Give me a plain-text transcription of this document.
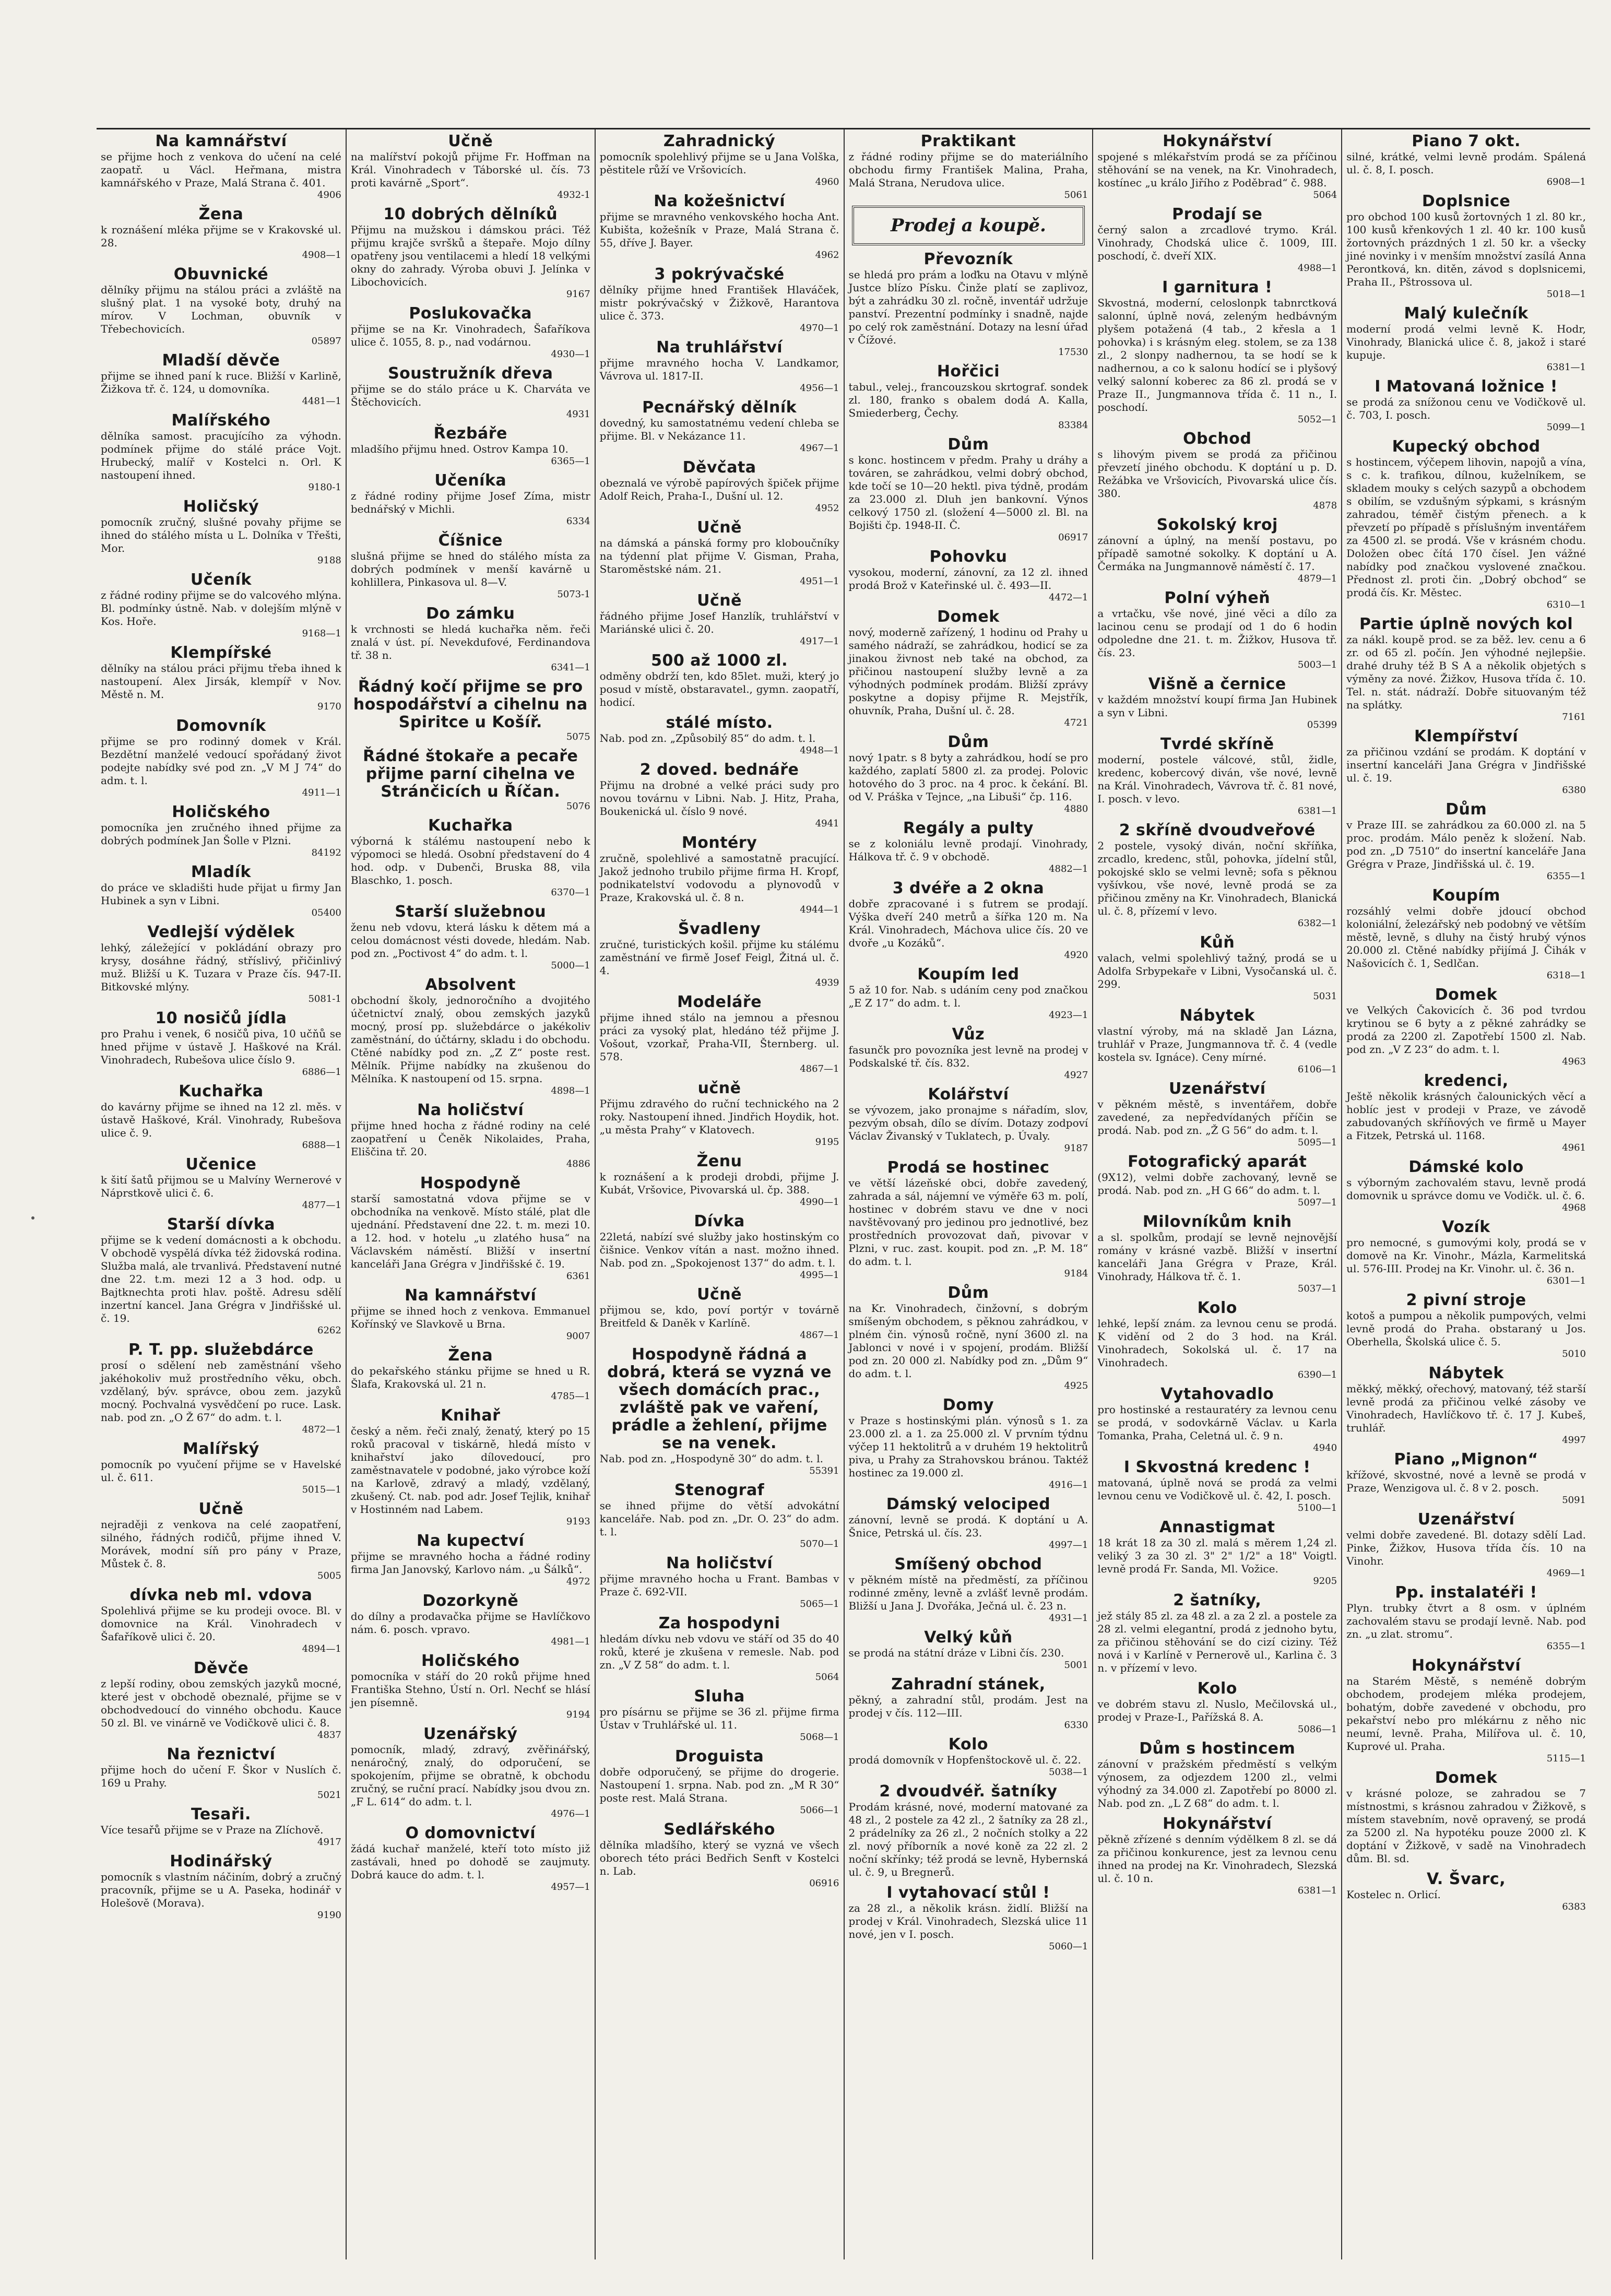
Na kamnářství
se přijme hoch z venkova do učení na celé zaopatř. u Václ. Heřmana, mistra kamnářského v Praze, Malá Strana č. 401.
4906
Žena
k roznášení mléka přijme se v Krakovské ul. 28.
4908—1
Obuvnické
dělníky přijmu na stálou práci a zvláště na slušný plat. 1 na vysoké boty, druhý na mírov. V Lochman, obuvník v Třebechovicích.
05897
Mladší děvče
přijme se ihned paní k ruce. Bližší v Karlině, Žižkova tř. č. 124, u domovníka.
4481—1
Malířského
dělníka samost. pracujícího za výhodn. podmínek přijme do stálé práce Vojt. Hrubecký, malíř v Kostelci n. Orl. K nastoupení ihned.
9180-1
Holičský
pomocník zručný, slušné povahy přijme se ihned do stálého místa u L. Dolníka v Třešti, Mor.
9188
Učeník
z řádné rodiny přijme se do valcového mlýna. Bl. podmínky ústně. Nab. v dolejším mlýně v Kos. Hoře.
9168—1
Klempířské
dělníky na stálou práci přijmu třeba ihned k nastoupení. Alex Jirsák, klempíř v Nov. Městě n. M.
9170
Domovník
přijme se pro rodinný domek v Král. Bezdětní manželé vedoucí spořádaný život podejte nabídky své pod zn. „V M J 74“ do adm. t. l.
4911—1
Holičského
pomocníka jen zručného ihned přijme za dobrých podmínek Jan Šolle v Plzni.
84192
Mladík
do práce ve skladišti hude přijat u firmy Jan Hubinek a syn v Libni.
05400
Vedlejší výdělek
lehký, záležející v pokládání obrazy pro krysy, dosáhne řádný, stříslivý, přičinlivý muž. Bližší u K. Tuzara v Praze čís. 947-II. Bitkovské mlýny.
5081-1
10 nosičů jídla
pro Prahu i venek, 6 nosičů piva, 10 učňů se hned přijme v ústavě J. Haškové na Král. Vinohradech, Rubešova ulice číslo 9.
6886—1
Kuchařka
do kavárny přijme se ihned na 12 zl. měs. v ústavě Haškové, Král. Vinohrady, Rubešova ulice č. 9.
6888—1
Učenice
k šití šatů přijmou se u Malvíny Wernerové v Náprstkově ulici č. 6.
4877—1
Starší dívka
přijme se k vedení domácnosti a k obchodu. V obchodě vyspělá dívka též židovská rodina. Služba malá, ale trvanlivá. Představení nutné dne 22. t.m. mezi 12 a 3 hod. odp. u Bajtknechta proti hlav. poště. Adresu sdělí inzertní kancel. Jana Grégra v Jindřišské ul. č. 19.
6262
P. T. pp. služebdárce
prosí o sdělení neb zaměstnání všeho jakéhokoliv muž prostředního věku, obch. vzdělaný, býv. správce, obou zem. jazyků mocný. Pochvalná vysvědčení po ruce. Lask. nab. pod zn. „O Ž 67“ do adm. t. l.
4872—1
Malířský
pomocník po vyučení přijme se v Havelské ul. č. 611.
5015—1
Učně
nejraději z venkova na celé zaopatření, silného, řádných rodičů, přijme ihned V. Morávek, modní síň pro pány v Praze, Můstek č. 8.
5005
dívka neb ml. vdova
Spolehlivá přijme se ku prodeji ovoce. Bl. v domovnice na Král. Vinohradech v Šafaříkově ulici č. 20.
4894—1
Děvče
z lepší rodiny, obou zemských jazyků mocné, které jest v obchodě obeznalé, přijme se v obchodvedoucí do vinného obchodu. Kauce 50 zl. Bl. ve vinárně ve Vodičkově ulici č. 8.
4837
Na řeznictví
přijme hoch do učení F. Škor v Nuslích č. 169 u Prahy.
5021
Tesaři.
Více tesařů přijme se v Praze na Zlíchově.
4917
Hodinářský
pomocník s vlastním náčiním, dobrý a zručný pracovník, přijme se u A. Paseka, hodinář v Holešově (Morava).
9190
Učně
na malířství pokojů přijme Fr. Hoffman na Král. Vinohradech v Táborské ul. čís. 73 proti kavárně „Sport“.
4932-1
10 dobrých dělníků
Přijmu na mužskou i dámskou práci. Též přijmu krajče svršků a štepaře. Mojo dílny opatřeny jsou ventilacemi a hledí 18 velkými okny do zahrady. Výroba obuvi J. Jelínka v Libochovicích.
9167
Poslukovačka
přijme se na Kr. Vinohradech, Šafaříkova ulice č. 1055, 8. p., nad vodárnou.
4930—1
Soustružník dřeva
přijme se do stálo práce u K. Charváta ve Štěchovicích.
4931
Řezbáře
mladšího přijmu hned. Ostrov Kampa 10.
6365—1
Učeníka
z řádné rodiny přijme Josef Zíma, mistr bednářský v Michli.
6334
Číšnice
slušná přijme se hned do stálého místa za dobrých podmínek v menší kavárně u kohlillera, Pinkasova ul. 8—V.
5073-1
Do zámku
k vrchnosti se hledá kuchařka něm. řeči znalá v úst. pí. Nevekdufové, Ferdinandova tř. 38 n.
6341—1
Řádný kočí přijme se pro hospodářství a cihelnu na Spiritce u Košíř.
5075
Řádné štokaře a pecaře přijme parní cihelna ve Stránčicích u Říčan.
5076
Kuchařka
výborná k stálému nastoupení nebo k výpomoci se hledá. Osobní představení do 4 hod. odp. v Dubenči, Bruska 88, vila Blaschko, 1. posch.
6370—1
Starší služebnou
ženu neb vdovu, která lásku k dětem má a celou domácnost vésti dovede, hledám. Nab. pod zn. „Poctivost 4“ do adm. t. l.
5000—1
Absolvent
obchodní školy, jednoročního a dvojitého účetnictví znalý, obou zemských jazyků mocný, prosí pp. služebdárce o jakékoliv zaměstnání, do účtárny, skladu i do obchodu. Ctěné nabídky pod zn. „Z Z“ poste rest. Mělník. Přijme nabídky na zkušenou do Mělníka. K nastoupení od 15. srpna.
4898—1
Na holičství
přijme hned hocha z řádné rodiny na celé zaopatření u Čeněk Nikolaides, Praha, Eliščina tř. 20.
4886
Hospodyně
starší samostatná vdova přijme se v obchodníka na venkově. Místo stálé, plat dle ujednání. Představení dne 22. t. m. mezi 10. a 12. hod. v hotelu „u zlatého husa“ na Václavském náměstí. Bližší v insertní kanceláři Jana Grégra v Jindřišské č. 19.
6361
Na kamnářství
přijme se ihned hoch z venkova. Emmanuel Kořínský ve Slavkově u Brna.
9007
Žena
do pekařského stánku přijme se hned u R. Šlafa, Krakovská ul. 21 n.
4785—1
Knihař
český a něm. řeči znalý, ženatý, který po 15 roků pracoval v tiskárně, hledá místo v knihařství jako dílovedoucí, pro zaměstnavatele v podobné, jako výrobce koží na Karlově, zdravý a mladý, vzdělaný, zkušený. Ct. nab. pod adr. Josef Tejlik, knihař v Hostinném nad Labem.
9193
Na kupectví
přijme se mravného hocha a řádné rodiny firma Jan Janovský, Karlovo nám. „u Šálků“.
4972
Dozorkyně
do dílny a prodavačka přijme se Havlíčkovo nám. 6. posch. vpravo.
4981—1
Holičského
pomocníka v stáří do 20 roků přijme hned Františka Stehno, Ústí n. Orl. Nechť se hlásí jen písemně.
9194
Uzenářský
pomocník, mladý, zdravý, zvěřinářský, nenáročný, znalý, do odporučení, se spokojením, přijme se obratně, k obchodu zručný, se ruční prací. Nabídky jsou dvou zn. „F L. 614“ do adm. t. l.
4976—1
O domovnictví
žádá kuchař manželé, kteří toto místo již zastávali, hned po dohodě se zaujmuty. Dobrá kauce do adm. t. l.
4957—1
Zahradnický
pomocník spolehlivý přijme se u Jana Volška, pěstitele růží ve Vršovicích.
4960
Na kožešnictví
přijme se mravného venkovského hocha Ant. Kubišta, kožešník v Praze, Malá Strana č. 55, dříve J. Bayer.
4962
3 pokrývačské
dělníky přijme hned František Hlaváček, mistr pokrývačský v Žižkově, Harantova ulice č. 373.
4970—1
Na truhlářství
přijme mravného hocha V. Landkamor, Vávrova ul. 1817-II.
4956—1
Pecnářský dělník
dovedný, ku samostatnému vedení chleba se přijme. Bl. v Nekázance 11.
4967—1
Děvčata
obeznalá ve výrobě papírových špiček přijme Adolf Reich, Praha-I., Dušní ul. 12.
4952
Učně
na dámská a pánská formy pro kloboučníky na týdenní plat přijme V. Gisman, Praha, Staroměstské nám. 21.
4951—1
Učně
řádného přijme Josef Hanzlík, truhlářství v Mariánské ulici č. 20.
4917—1
500 až 1000 zl.
odměny obdrží ten, kdo 85let. muži, který jo posud v místě, obstaravatel., gymn. zaopatří, hodicí.
stálé místo.
Nab. pod zn. „Způsobilý 85“ do adm. t. l.
4948—1
2 doved. bednáře
Přijmu na drobné a velké práci sudy pro novou továrnu v Libni. Nab. J. Hitz, Praha, Boukenická ul. číslo 9 nové.
4941
Montéry
zručně, spolehlivé a samostatně pracující. Jakož jednoho trubilo přijme firma H. Kropf, podnikatelství vodovodu a plynovodů v Praze, Krakovská ul. č. 8 n.
4944—1
Švadleny
zručné, turistických košil. přijme ku stálému zaměstnání ve firmě Josef Feigl, Žitná ul. č. 4.
4939
Modeláře
přijme ihned stálo na jemnou a přesnou práci za vysoký plat, hledáno též přijme J. Vošout, vzorkař, Praha-VII, Šternberg. ul. 578.
4867—1
učně
Přijmu zdravého do ruční technického na 2 roky. Nastoupení ihned. Jindřich Hoydik, hot. „u města Prahy“ v Klatovech.
9195
Ženu
k roznášení a k prodeji drobdi, přijme J. Kubát, Vršovice, Pivovarská ul. čp. 388.
4990—1
Dívka
22letá, nabízí své služby jako hostinským co čišnice. Venkov vítán a nast. možno ihned. Nab. pod zn. „Spokojenost 137“ do adm. t. l.
4995—1
Učně
přijmou se, kdo, poví portýr v továrně Breitfeld & Daněk v Karlíně.
4867—1
Hospodyně řádná a dobrá, která se vyzná ve všech domácích prac., zvláště pak ve vaření, prádle a žehlení, přijme se na venek.
Nab. pod zn. „Hospodyně 30“ do adm. t. l.
55391
Stenograf
se ihned přijme do větší advokátní kanceláře. Nab. pod zn. „Dr. O. 23“ do adm. t. l.
5070—1
Na holičství
přijme mravného hocha u Frant. Bambas v Praze č. 692-VII.
5065—1
Za hospodyni
hledám dívku neb vdovu ve stáří od 35 do 40 roků, které je zkušena v remesle. Nab. pod zn. „V Z 58“ do adm. t. l.
5064
Sluha
pro písárnu se přijme se 36 zl. přijme firma Ústav v Truhlářské ul. 11.
5068—1
Droguista
dobře odporučený, se přijme do drogerie. Nastoupení 1. srpna. Nab. pod zn. „M R 30“ poste rest. Malá Strana.
5066—1
Sedlářského
dělníka mladšího, který se vyzná ve všech oborech této práci Bedřich Senft v Kostelci n. Lab.
06916
Praktikant
z řádné rodiny přijme se do materiálního obchodu firmy František Malina, Praha, Malá Strana, Nerudova ulice.
5061
Prodej a koupě.
Převozník
se hledá pro prám a loďku na Otavu v mlýně Justce blízo Písku. Činže platí se zaplivoz, být a zahrádku 30 zl. ročně, inventář udržuje panství. Prezentní podmínky i snadně, najde po celý rok zaměstnání. Dotazy na lesní úřad v Čížové.
17530
Hořčici
tabul., velej., francouzskou skrtograf. sondek zl. 180, franko s obalem dodá A. Kalla, Smiederberg, Čechy.
83384
Dům
s konc. hostincem v předm. Prahy u dráhy a továren, se zahrádkou, velmi dobrý obchod, kde točí se 10—20 hektl. piva týdně, prodám za 23.000 zl. Dluh jen bankovní. Výnos celkový 1750 zl. (složení 4—5000 zl. Bl. na Bojišti čp. 1948-II. Č.
06917
Pohovku
vysokou, moderní, zánovní, za 12 zl. ihned prodá Brož v Kateřinské ul. č. 493—II.
4472—1
Domek
nový, moderně zařízený, 1 hodinu od Prahy u samého nádraží, se zahrádkou, hodicí se za jinakou živnost neb také na obchod, za přičinou nastoupení služby levně a za výhodných podmínek prodám. Bližší zprávy poskytne a dopisy přijme R. Mejstřík, ohuvník, Praha, Dušní ul. č. 28.
4721
Dům
nový 1patr. s 8 byty a zahrádkou, hodí se pro každého, zaplatí 5800 zl. za prodej. Polovic hotového do 3 proc. na 4 proc. k čekání. Bl. od V. Práška v Tejnce, „na Libuši“ čp. 116.
4880
Regály a pulty
se z koloniálu levně prodají. Vinohrady, Hálkova tř. č. 9 v obchodě.
4882—1
3 dvéře a 2 okna
dobře zpracované i s futrem se prodají. Výška dveří 240 metrů a šířka 120 m. Na Král. Vinohradech, Máchova ulice čís. 20 ve dvoře „u Kozáků“.
4920
Koupím led
5 až 10 for. Nab. s udáním ceny pod značkou „E Z 17“ do adm. t. l.
4923—1
Vůz
fasunčk pro povozníka jest levně na prodej v Podskalské tř. čís. 832.
4927
Kolářství
se vývozem, jako pronajme s nářadím, slov, pezvým obsah, dílo se dívím. Dotazy zodpoví Václav Živanský v Tuklatech, p. Úvaly.
9187
Prodá se hostinec
ve větší lázeňské obci, dobře zavedený, zahrada a sál, nájemní ve výměře 63 m. polí, hostinec v dobrém stavu ve dne v noci navštěvovaný pro jedinou pro jednotlivé, bez prostředních provozovat daň, pivovar v Plzni, v ruc. zast. koupit. pod zn. „P. M. 18“ do adm. t. l.
9184
Dům
na Kr. Vinohradech, činžovní, s dobrým smíšeným obchodem, s pěknou zahrádkou, v plném čin. výnosů ročně, nyní 3600 zl. na Jablonci v nové i v spojení, prodám. Bližší pod zn. 20 000 zl. Nabídky pod zn. „Dům 9“ do adm. t. l.
4925
Domy
v Praze s hostinskými plán. výnosů s 1. za 23.000 zl. a 1. za 25.000 zl. V prvním týdnu výčep 11 hektolitrů a v druhém 19 hektolitrů piva, u Prahy za Strahovskou bránou. Taktéž hostinec za 19.000 zl.
4916—1
Dámský velociped
zánovní, levně se prodá. K doptání u A. Šnice, Petrská ul. čís. 23.
4997—1
Smíšený obchod
v pěkném místě na předměstí, za příčinou rodinné změny, levně a zvlášť levně prodám. Bližší u Jana J. Dvořáka, Ječná ul. č. 23 n.
4931—1
Velký kůň
se prodá na státní dráze v Libni čís. 230.
5001
Zahradní stánek,
pěkný, a zahradní stůl, prodám. Jest na prodej v čís. 112—III.
6330
Kolo
prodá domovník v Hopfenštockově ul. č. 22.
5038—1
2 dvoudvéř. šatníky
Prodám krásné, nové, moderní matované za 48 zl., 2 postele za 42 zl., 2 šatníky za 28 zl., 2 prádelníky za 26 zl., 2 nočních stolky a 22 zl. nový příborník a nové koně za 22 zl. 2 noční skřínky; též prodá se levně, Hybernská ul. č. 9, u Bregnerů.
I vytahovací stůl !
za 28 zl., a několik krásn. židlí. Bližší na prodej v Král. Vinohradech, Slezská ulice 11 nové, jen v I. posch.
5060—1
Hokynářství
spojené s mlékařstvím prodá se za příčinou stěhování se na venek, na Kr. Vinohradech, kostínec „u králo Jiřího z Poděbrad“ č. 988.
5064
Prodají se
černý salon a zrcadlové trymo. Král. Vinohrady, Chodská ulice č. 1009, III. poschodí, č. dveří XIX.
4988—1
I garnitura !
Skvostná, moderní, celoslonpk tabnrctková salonní, úplně nová, zeleným hedbávným plyšem potažená (4 tab., 2 křesla a 1 pohovka) i s krásným eleg. stolem, se za 138 zl., 2 slonpy nadhernou, ta se hodí se k nadhernou, a co k salonu hodící se i plyšový velký salonní koberec za 86 zl. prodá se v Praze II., Jungmannova třída č. 11 n., I. poschodí.
5052—1
Obchod
s lihovým pivem se prodá za přičinou převzetí jiného obchodu. K doptání u p. D. Režábka ve Vršovicích, Pivovarská ulice čís. 380.
4878
Sokolský kroj
zánovní a úplný, na menší postavu, po případě samotné sokolky. K doptání u A. Čermáka na Jungmannově náměstí č. 17.
4879—1
Polní výheň
a vrtačku, vše nové, jiné věci a dílo za lacinou cenu se prodají od 1 do 6 hodin odpoledne dne 21. t. m. Žižkov, Husova tř. čís. 23.
5003—1
Višně a černice
v každém množství koupí firma Jan Hubinek a syn v Libni.
05399
Tvrdé skříně
moderní, postele válcové, stůl, židle, kredenc, kobercový diván, vše nové, levně na Král. Vinohradech, Vávrova tř. č. 81 nové, I. posch. v levo.
6381—1
2 skříně dvoudveřové
2 postele, vysoký diván, noční skříňka, zrcadlo, kredenc, stůl, pohovka, jídelní stůl, pokojské sklo se velmi levně; sofa s pěknou vyšívkou, vše nové, levně prodá se za přičinou změny na Kr. Vinohradech, Blanická ul. č. 8, přízemí v levo.
6382—1
Kůň
valach, velmi spolehlivý tažný, prodá se u Adolfa Srbypekaře v Libni, Vysočanská ul. č. 299.
5031
Nábytek
vlastní výroby, má na skladě Jan Lázna, truhlář v Praze, Jungmannova tř. č. 4 (vedle kostela sv. Ignáce). Ceny mírné.
6106—1
Uzenářství
v pěkném městě, s inventářem, dobře zavedené, za nepředvídaných příčin se prodá. Nab. pod zn. „Ž G 56“ do adm. t. l.
5095—1
Fotografický aparát
(9X12), velmi dobře zachovaný, levně se prodá. Nab. pod zn. „H G 66“ do adm. t. l.
5097—1
Milovníkům knih
a sl. spolkům, prodají se levně nejnovější romány v krásné vazbě. Bližší v insertní kanceláři Jana Grégra v Praze, Král. Vinohrady, Hálkova tř. č. 1.
5037—1
Kolo
lehké, lepší znám. za levnou cenu se prodá. K vidění od 2 do 3 hod. na Král. Vinohradech, Sokolská ul. č. 17 na Vinohradech.
6390—1
Vytahovadlo
pro hostinské a restauratéry za levnou cenu se prodá, v sodovkárně Václav. u Karla Tomanka, Praha, Celetná ul. č. 9 n.
4940
I Skvostná kredenc !
matovaná, úplně nová se prodá za velmi levnou cenu ve Vodičkově ul. č. 42, I. posch.
5100—1
Annastigmat
18 krát 18 za 30 zl. malá s měrem 1,24 zl. veliký 3 za 30 zl. 3" 2" 1/2" a 18" Voigtl. levně prodá Fr. Sanda, Ml. Vožice.
9205
2 šatníky,
jež stály 85 zl. za 48 zl. a za 2 zl. a postele za 28 zl. velmi elegantní, prodá z jednoho bytu, za přičinou stěhování se do cizí ciziny. Též nová i v Karlíně v Pernerově ul., Karlina č. 3 n. v přízemí v levo.
Kolo
ve dobrém stavu zl. Nuslo, Mečilovská ul., prodej v Praze-I., Pařížská 8. A.
5086—1
Dům s hostincem
zánovní v pražském předměstí s velkým výnosem, za odjezdem 1200 zl., velmi výhodný za 34.000 zl. Zapotřebí po 8000 zl. Nab. pod zn. „L Z 68“ do adm. t. l.
Hokynářství
pěkně zřízené s denním výdělkem 8 zl. se dá za přičinou konkurence, jest za levnou cenu ihned na prodej na Kr. Vinohradech, Slezská ul. č. 10 n.
6381—1
Piano 7 okt.
silné, krátké, velmi levně prodám. Spálená ul. č. 8, I. posch.
6908—1
Doplsnice
pro obchod 100 kusů žortovných 1 zl. 80 kr., 100 kusů křenkových 1 zl. 40 kr. 100 kusů žortovných prázdných 1 zl. 50 kr. a všecky jiné novinky i v menším množství zasílá Anna Perontková, kn. ditěn, závod s doplsnicemi, Praha II., Pštrossova ul.
5018—1
Malý kulečník
moderní prodá velmi levně K. Hodr, Vinohrady, Blanická ulice č. 8, jakož i staré kupuje.
6381—1
I Matovaná ložnice !
se prodá za snížonou cenu ve Vodičkově ul. č. 703, I. posch.
5099—1
Kupecký obchod
s hostincem, výčepem lihovin, napojů a vína, s c. k. trafikou, dílnou, kuželníkem, se skladem mouky s celých sazypů a obchodem s obilím, se vzdušným sýpkami, s krásným zahradou, téměř čistým přenech. a k převzetí po případě s příslušným inventářem za 4500 zl. se prodá. Vše v krásném chodu. Doložen obec čítá 170 čísel. Jen vážné nabídky pod značkou vyslovené značkou. Přednost zl. proti čin. „Dobrý obchod“ se prodá čís. Kr. Městec.
6310—1
Partie úplně nových kol
za nákl. koupě prod. se za běž. lev. cenu a 6 zr. od 65 zl. počín. Jen výhodné nejlepšie. drahé druhy též B S A a několik objetých s výměny za nové. Žižkov, Husova třída č. 10. Tel. n. stát. nádraží. Dobře situovaným též na splátky.
7161
Klempířství
za přičinou vzdání se prodám. K doptání v insertní kanceláři Jana Grégra v Jindřišské ul. č. 19.
6380
Dům
v Praze III. se zahrádkou za 60.000 zl. na 5 proc. prodám. Málo peněz k složení. Nab. pod zn. „D 7510“ do insertní kanceláře Jana Grégra v Praze, Jindřišská ul. č. 19.
6355—1
Koupím
rozsáhlý velmi dobře jdoucí obchod koloniální, železářský neb podobný ve větším městě, levně, s dluhy na čistý hrubý výnos 20.000 zl. Ctěné nabídky přijímá J. Čihák v Našovicích č. 1, Sedlčan.
6318—1
Domek
ve Velkých Čakovicích č. 36 pod tvrdou krytinou se 6 byty a z pěkné zahrádky se prodá za 2200 zl. Zapotřebí 1500 zl. Nab. pod zn. „V Z 23“ do adm. t. l.
4963
kredenci,
Ještě několik krásných čalounických věcí a hoblíc jest v prodeji v Praze, ve závodě zabudovaných skříňových ve firmě u Mayer a Fitzek, Petrská ul. 1168.
4961
Dámské kolo
s výborným zachovalém stavu, levně prodá domovnik u správce domu ve Vodičk. ul. č. 6.
4968
Vozík
pro nemocné, s gumovými koly, prodá se v domově na Kr. Vinohr., Mázla, Karmelitská ul. 576-III. Prodej na Kr. Vinohr. ul. č. 36 n.
6301—1
2 pivní stroje
kotoš a pumpou a několik pumpových, velmi levně prodá do Praha. obstaraný u Jos. Oberhella, Školská ulice č. 5.
5010
Nábytek
měkký, měkký, ořechový, matovaný, též starší levně prodá za přičinou velké zásoby ve Vinohradech, Havlíčkovo tř. č. 17 J. Kubeš, truhlář.
4997
Piano „Mignon“
křížové, skvostné, nové a levně se prodá v Praze, Wenzigova ul. č. 8 v 2. posch.
5091
Uzenářství
velmi dobře zavedené. Bl. dotazy sdělí Lad. Pinke, Žižkov, Husova třída čís. 10 na Vinohr.
4969—1
Pp. instalatéři !
Plyn. trubky čtvrt a 8 osm. v úplném zachovalém stavu se prodají levně. Nab. pod zn. „u zlat. stromu“.
6355—1
Hokynářství
na Starém Městě, s neméně dobrým obchodem, prodejem mléka prodejem, bohatým, dobře zavedené v obchodu, pro pekařství nebo pro mlékárnu z něho nic neumí, levně. Praha, Milířova ul. č. 10, Kuprové ul. Praha.
5115—1
Domek
v krásné poloze, se zahradou se 7 místnostmi, s krásnou zahradou v Žižkově, s místem stavebním, nově opravený, se prodá za 5200 zl. Na hypotéku pouze 2000 zl. K doptání v Žižkově, v sadě na Vinohradech dům. Bl. sd.
V. Švarc,
Kostelec n. Orlicí.
6383
